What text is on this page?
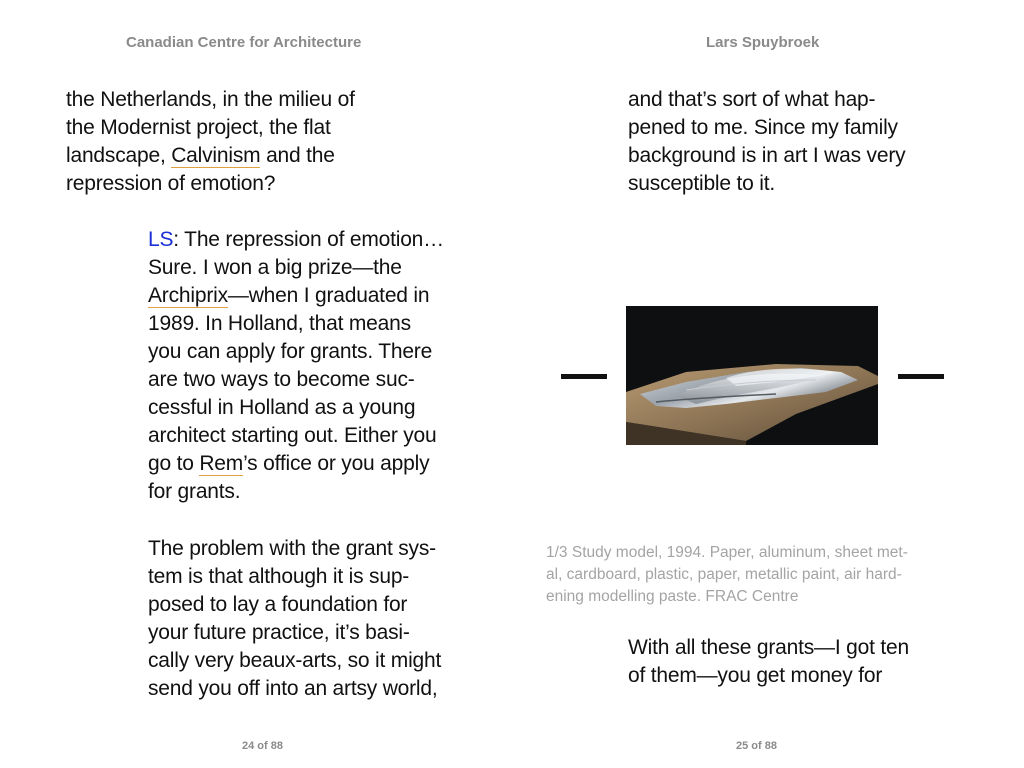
Canadian Centre for Architecture
the Netherlands, in the milieu of
the Modernist project, the flat
landscape, Calvinism and the
repression of emotion?
LS: The repression of emotion…
Sure. I won a big prize—the
Archiprix—when I graduated in
1989. In Holland, that means
you can apply for grants. There
are two ways to become suc-
cessful in Holland as a young
architect starting out. Either you
go to Rem’s office or you apply
for grants.
The problem with the grant sys-
tem is that although it is sup-
posed to lay a foundation for
your future practice, it’s basi-
cally very beaux-arts, so it might
send you off into an artsy world,
24 of 88
Lars Spuybroek
and that’s sort of what hap-
pened to me. Since my family
background is in art I was very
susceptible to it.
1/3 Study model, 1994. Paper, aluminum, sheet met-
al, cardboard, plastic, paper, metallic paint, air hard-
ening modelling paste. FRAC Centre
With all these grants—I got ten
of them—you get money for
25 of 88
